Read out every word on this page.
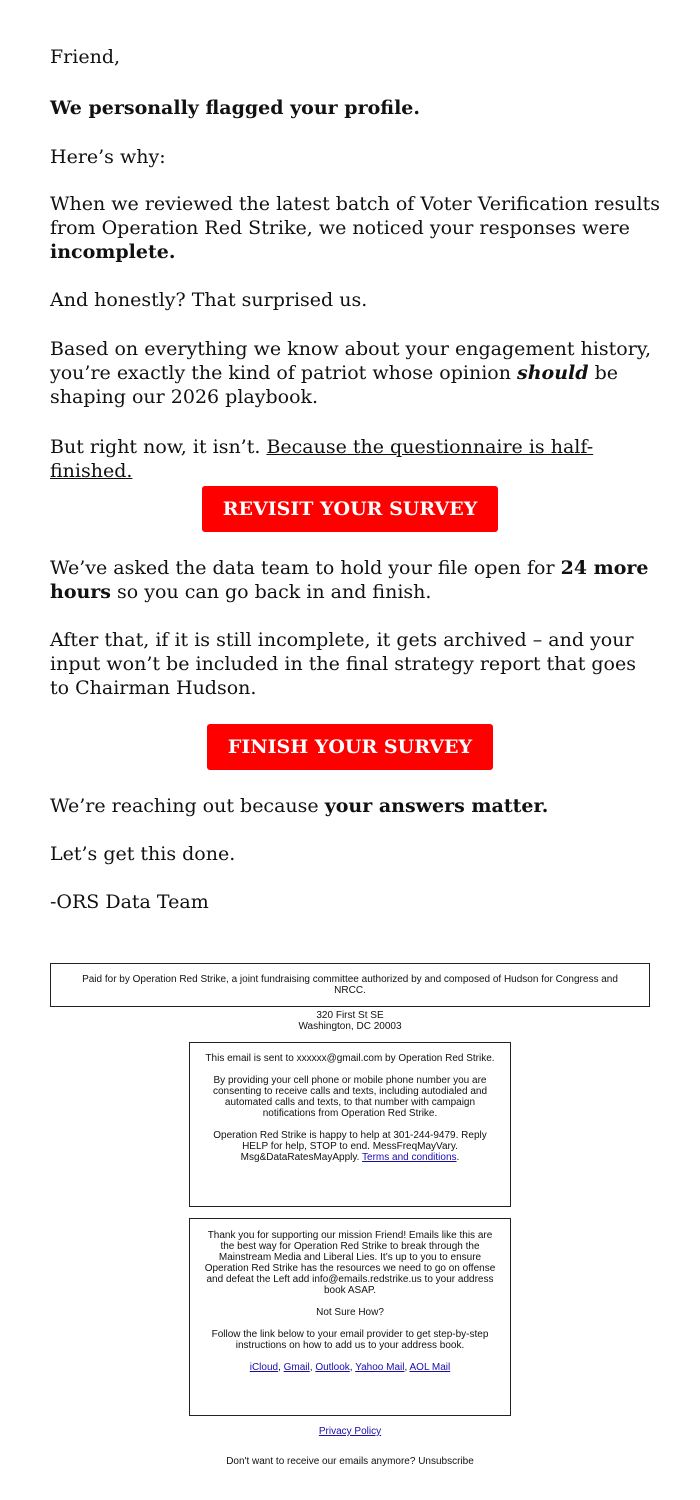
Friend,
We personally flagged your profile.
Here’s why:
When we reviewed the latest batch of Voter Verification results from Operation Red Strike, we noticed your responses were incomplete.
And honestly? That surprised us.
Based on everything we know about your engagement history, you’re exactly the kind of patriot whose opinion should be shaping our 2026 playbook.
But right now, it isn’t. Because the questionnaire is half-finished.
REVISIT YOUR SURVEY
We’ve asked the data team to hold your file open for 24 more hours so you can go back in and finish.
After that, if it is still incomplete, it gets archived – and your input won’t be included in the final strategy report that goes to Chairman Hudson.
FINISH YOUR SURVEY
We’re reaching out because your answers matter.
Let’s get this done.
-ORS Data Team

Paid for by Operation Red Strike, a joint fundraising committee authorized by and composed of Hudson for Congress and NRCC.

320 First St SE
Washington, DC 20003

This email is sent to xxxxxx@gmail.com by Operation Red Strike.

By providing your cell phone or mobile phone number you are consenting to receive calls and texts, including autodialed and automated calls and texts, to that number with campaign notifications from Operation Red Strike.

Operation Red Strike is happy to help at 301-244-9479. Reply HELP for help, STOP to end. MessFreqMayVary. Msg&DataRatesMayApply. Terms and conditions.

Thank you for supporting our mission Friend! Emails like this are the best way for Operation Red Strike to break through the Mainstream Media and Liberal Lies. It’s up to you to ensure Operation Red Strike has the resources we need to go on offense and defeat the Left add info@emails.redstrike.us to your address book ASAP.

Not Sure How?

Follow the link below to your email provider to get step-by-step instructions on how to add us to your address book.

iCloud, Gmail, Outlook, Yahoo Mail, AOL Mail

Privacy Policy
Don't want to receive our emails anymore? Unsubscribe
